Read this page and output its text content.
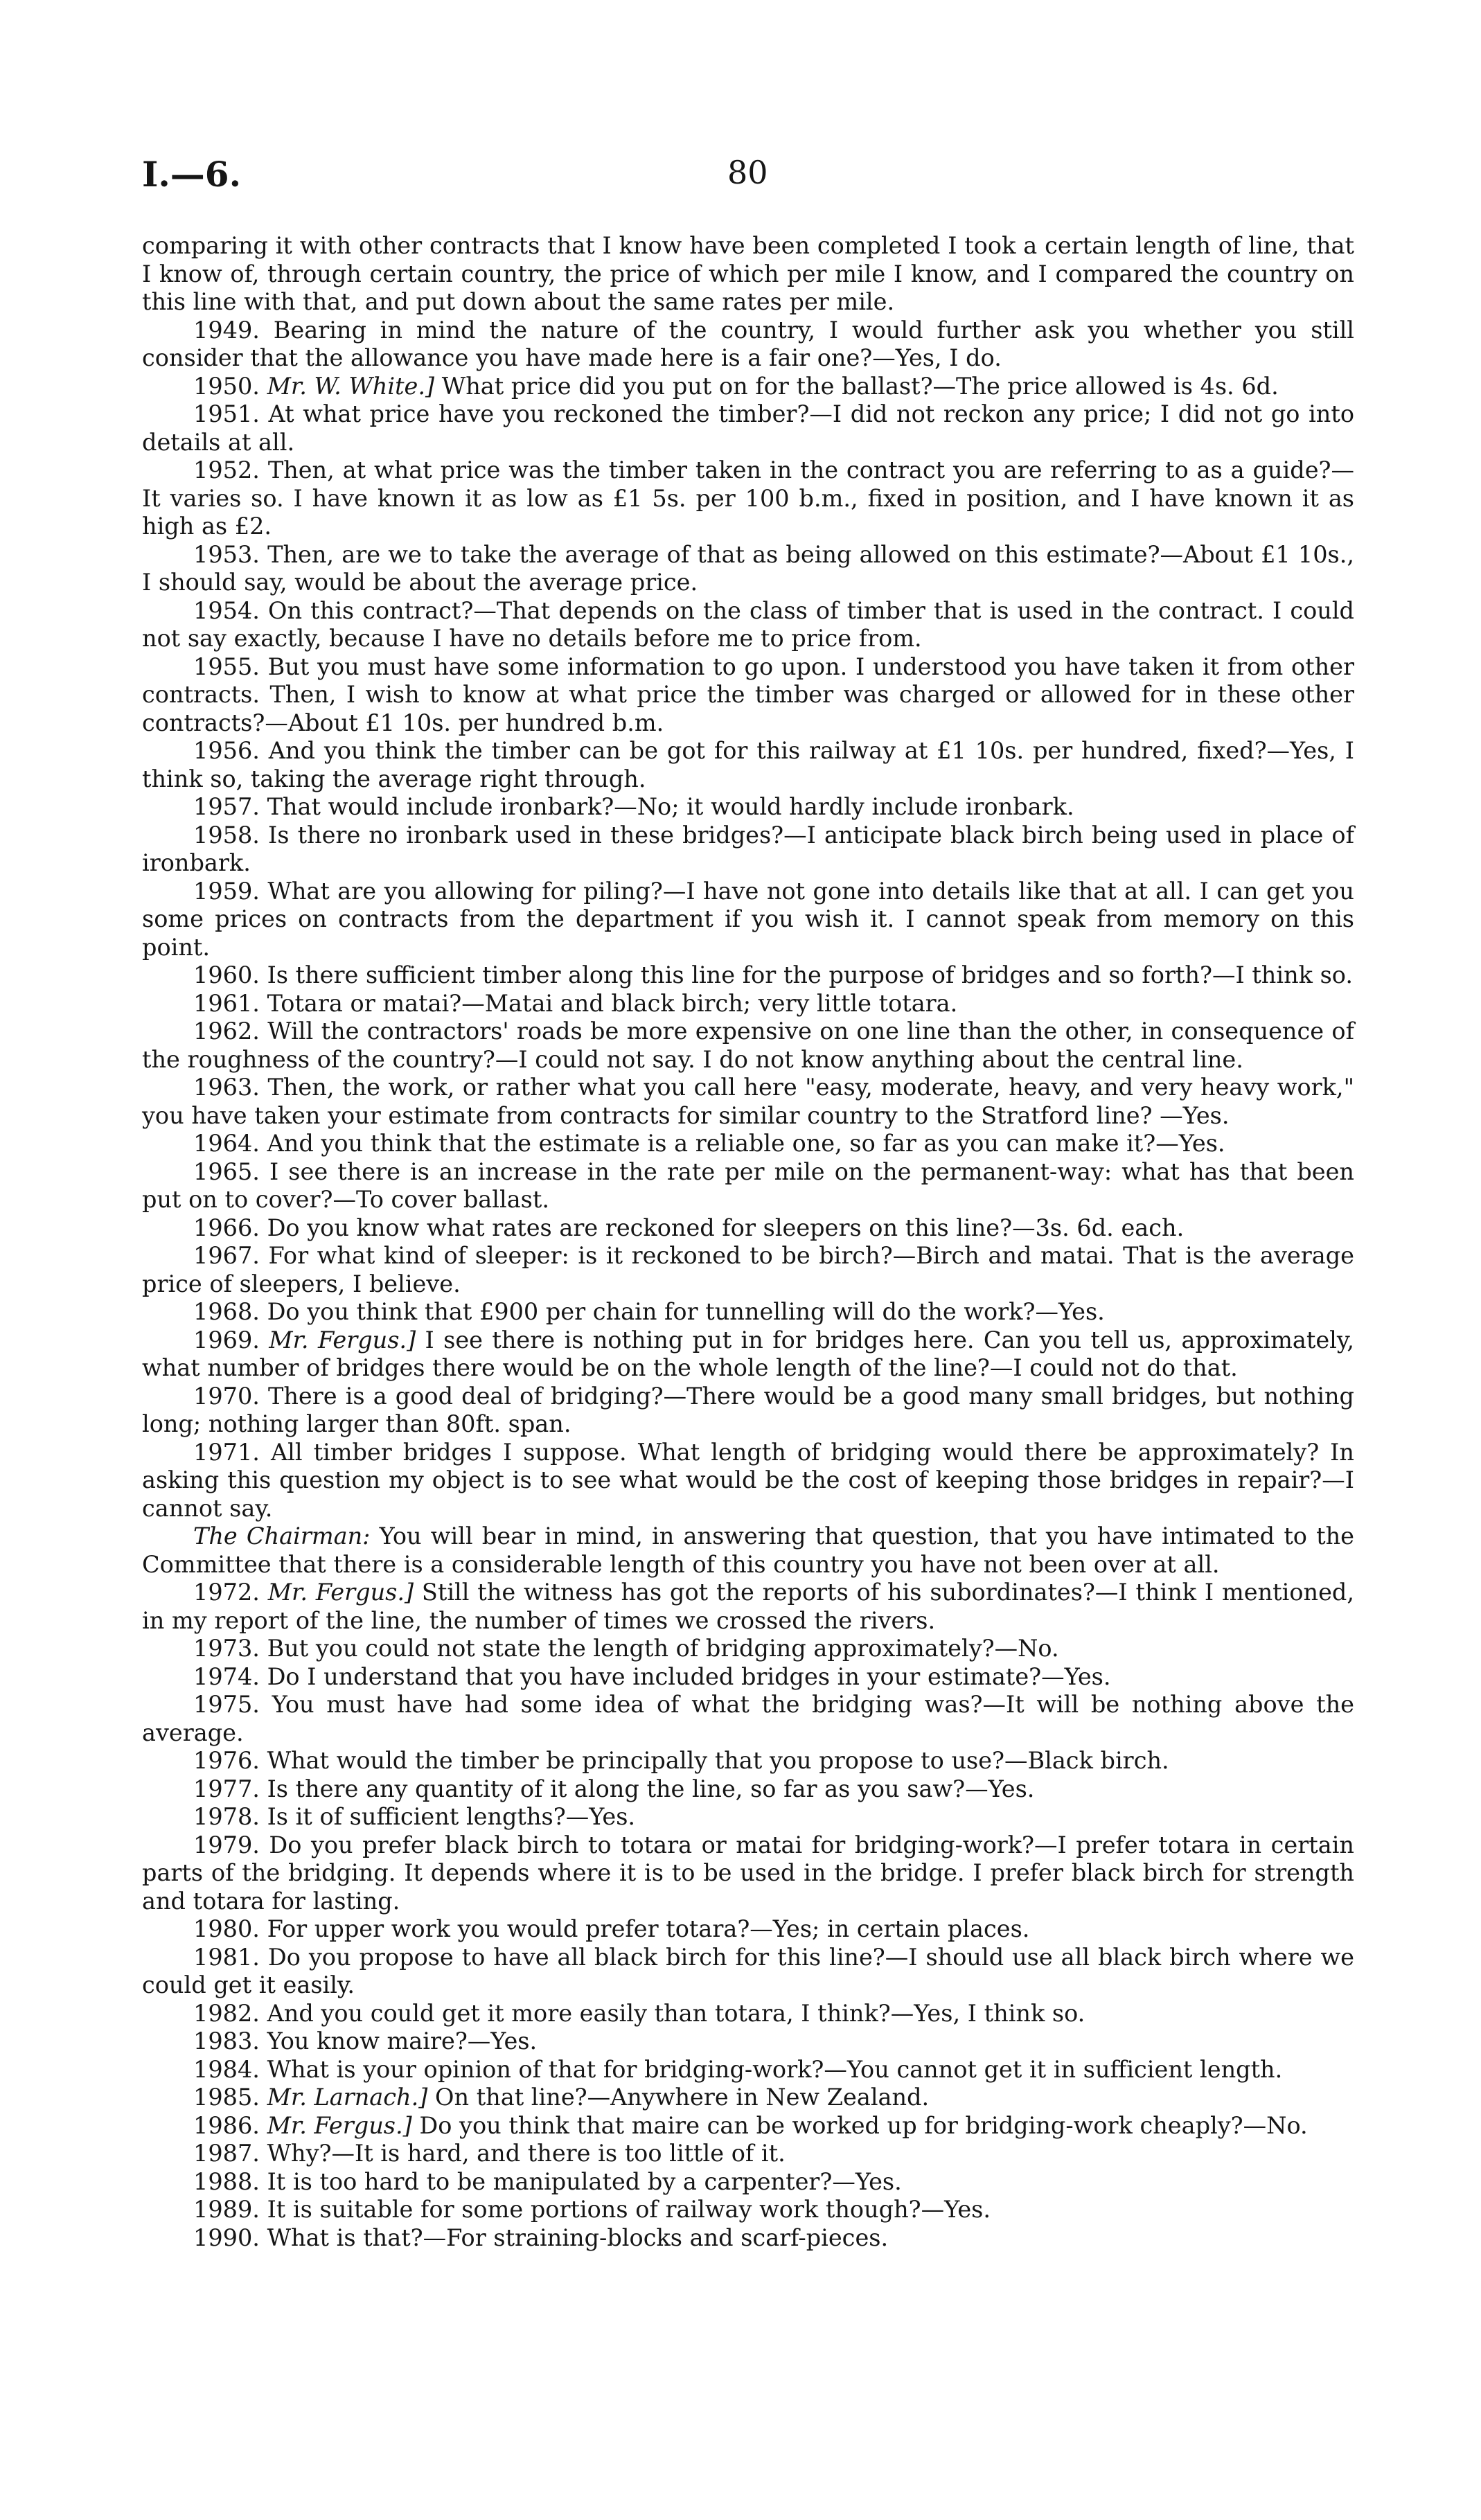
I.—6.	80

comparing it with other contracts that I know have been completed I took a certain length of line, that I know of, through certain country, the price of which per mile I know, and I compared the country on this line with that, and put down about the same rates per mile.

1949. Bearing in mind the nature of the country, I would further ask you whether you still consider that the allowance you have made here is a fair one?—Yes, I do.

1950. Mr. W. White.] What price did you put on for the ballast?—The price allowed is 4s. 6d.

1951. At what price have you reckoned the timber?—I did not reckon any price; I did not go into details at all.

1952. Then, at what price was the timber taken in the contract you are referring to as a guide?—It varies so. I have known it as low as £1 5s. per 100 b.m., fixed in position, and I have known it as high as £2.

1953. Then, are we to take the average of that as being allowed on this estimate?—About £1 10s., I should say, would be about the average price.

1954. On this contract?—That depends on the class of timber that is used in the contract. I could not say exactly, because I have no details before me to price from.

1955. But you must have some information to go upon. I understood you have taken it from other contracts. Then, I wish to know at what price the timber was charged or allowed for in these other contracts?—About £1 10s. per hundred b.m.

1956. And you think the timber can be got for this railway at £1 10s. per hundred, fixed?—Yes, I think so, taking the average right through.

1957. That would include ironbark?—No; it would hardly include ironbark.

1958. Is there no ironbark used in these bridges?—I anticipate black birch being used in place of ironbark.

1959. What are you allowing for piling?—I have not gone into details like that at all. I can get you some prices on contracts from the department if you wish it. I cannot speak from memory on this point.

1960. Is there sufficient timber along this line for the purpose of bridges and so forth?—I think so.

1961. Totara or matai?—Matai and black birch; very little totara.

1962. Will the contractors' roads be more expensive on one line than the other, in consequence of the roughness of the country?—I could not say. I do not know anything about the central line.

1963. Then, the work, or rather what you call here "easy, moderate, heavy, and very heavy work," you have taken your estimate from contracts for similar country to the Stratford line? —Yes.

1964. And you think that the estimate is a reliable one, so far as you can make it?—Yes.

1965. I see there is an increase in the rate per mile on the permanent-way: what has that been put on to cover?—To cover ballast.

1966. Do you know what rates are reckoned for sleepers on this line?—3s. 6d. each.

1967. For what kind of sleeper: is it reckoned to be birch?—Birch and matai. That is the average price of sleepers, I believe.

1968. Do you think that £900 per chain for tunnelling will do the work?—Yes.

1969. Mr. Fergus.] I see there is nothing put in for bridges here. Can you tell us, approximately, what number of bridges there would be on the whole length of the line?—I could not do that.

1970. There is a good deal of bridging?—There would be a good many small bridges, but nothing long; nothing larger than 80ft. span.

1971. All timber bridges I suppose. What length of bridging would there be approximately? In asking this question my object is to see what would be the cost of keeping those bridges in repair?—I cannot say.

The Chairman: You will bear in mind, in answering that question, that you have intimated to the Committee that there is a considerable length of this country you have not been over at all.

1972. Mr. Fergus.] Still the witness has got the reports of his subordinates?—I think I mentioned, in my report of the line, the number of times we crossed the rivers.

1973. But you could not state the length of bridging approximately?—No.

1974. Do I understand that you have included bridges in your estimate?—Yes.

1975. You must have had some idea of what the bridging was?—It will be nothing above the average.

1976. What would the timber be principally that you propose to use?—Black birch.

1977. Is there any quantity of it along the line, so far as you saw?—Yes.

1978. Is it of sufficient lengths?—Yes.

1979. Do you prefer black birch to totara or matai for bridging-work?—I prefer totara in certain parts of the bridging. It depends where it is to be used in the bridge. I prefer black birch for strength and totara for lasting.

1980. For upper work you would prefer totara?—Yes; in certain places.

1981. Do you propose to have all black birch for this line?—I should use all black birch where we could get it easily.

1982. And you could get it more easily than totara, I think?—Yes, I think so.

1983. You know maire?—Yes.

1984. What is your opinion of that for bridging-work?—You cannot get it in sufficient length.

1985. Mr. Larnach.] On that line?—Anywhere in New Zealand.

1986. Mr. Fergus.] Do you think that maire can be worked up for bridging-work cheaply?—No.

1987. Why?—It is hard, and there is too little of it.

1988. It is too hard to be manipulated by a carpenter?—Yes.

1989. It is suitable for some portions of railway work though?—Yes.

1990. What is that?—For straining-blocks and scarf-pieces.
